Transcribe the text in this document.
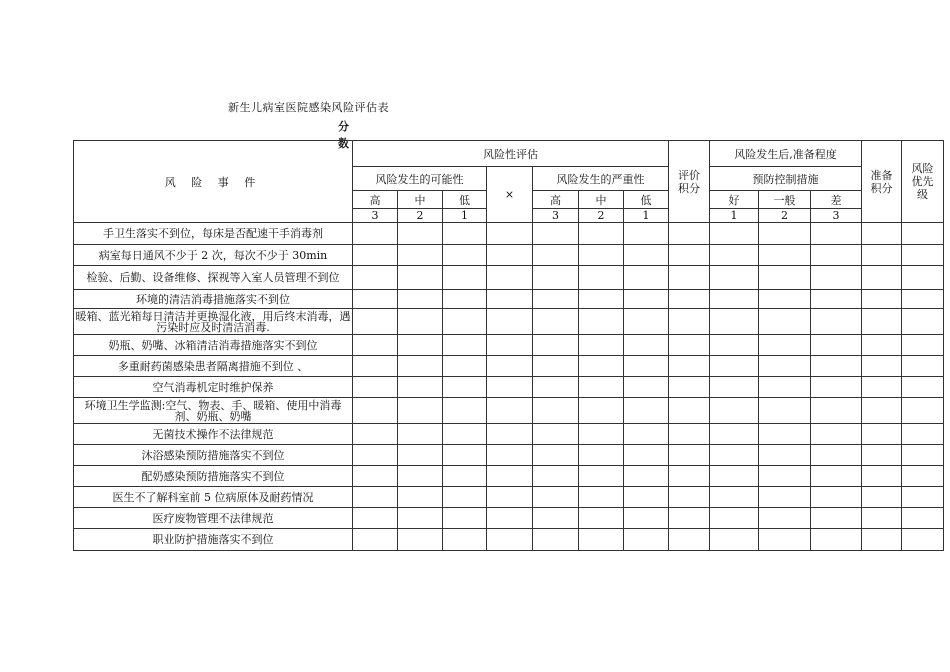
新生儿病室医院感染风险评估表
分数
风 险 事 件	风险性评估							评价积分	风险发生后,准备程度			准备积分	风险优先级
	风险发生的可能性			×	风险发生的严重性				预防控制措施				
	高	中	低		高	中	低		好	一般	差		
	3	2	1		3	2	1		1	2	3		
手卫生落实不到位，每床是否配速干手消毒剂													
病室每日通风不少于 2 次，每次不少于 30min													
检验、后勤、设备维修、探视等入室人员管理不到位													
环境的清洁消毒措施落实不到位													
暖箱、蓝光箱每日清洁并更换湿化液，用后终末消毒，遇污染时应及时清洁消毒.													
奶瓶、奶嘴、冰箱清洁消毒措施落实不到位													
多重耐药菌感染患者隔离措施不到位 、													
空气消毒机定时维护保养													
环境卫生学监测:空气、物表、手、暖箱、使用中消毒剂、奶瓶、奶嘴													
无菌技术操作不法律规范													
沐浴感染预防措施落实不到位													
配奶感染预防措施落实不到位													
医生不了解科室前 5 位病原体及耐药情况													
医疗废物管理不法律规范													
职业防护措施落实不到位													
